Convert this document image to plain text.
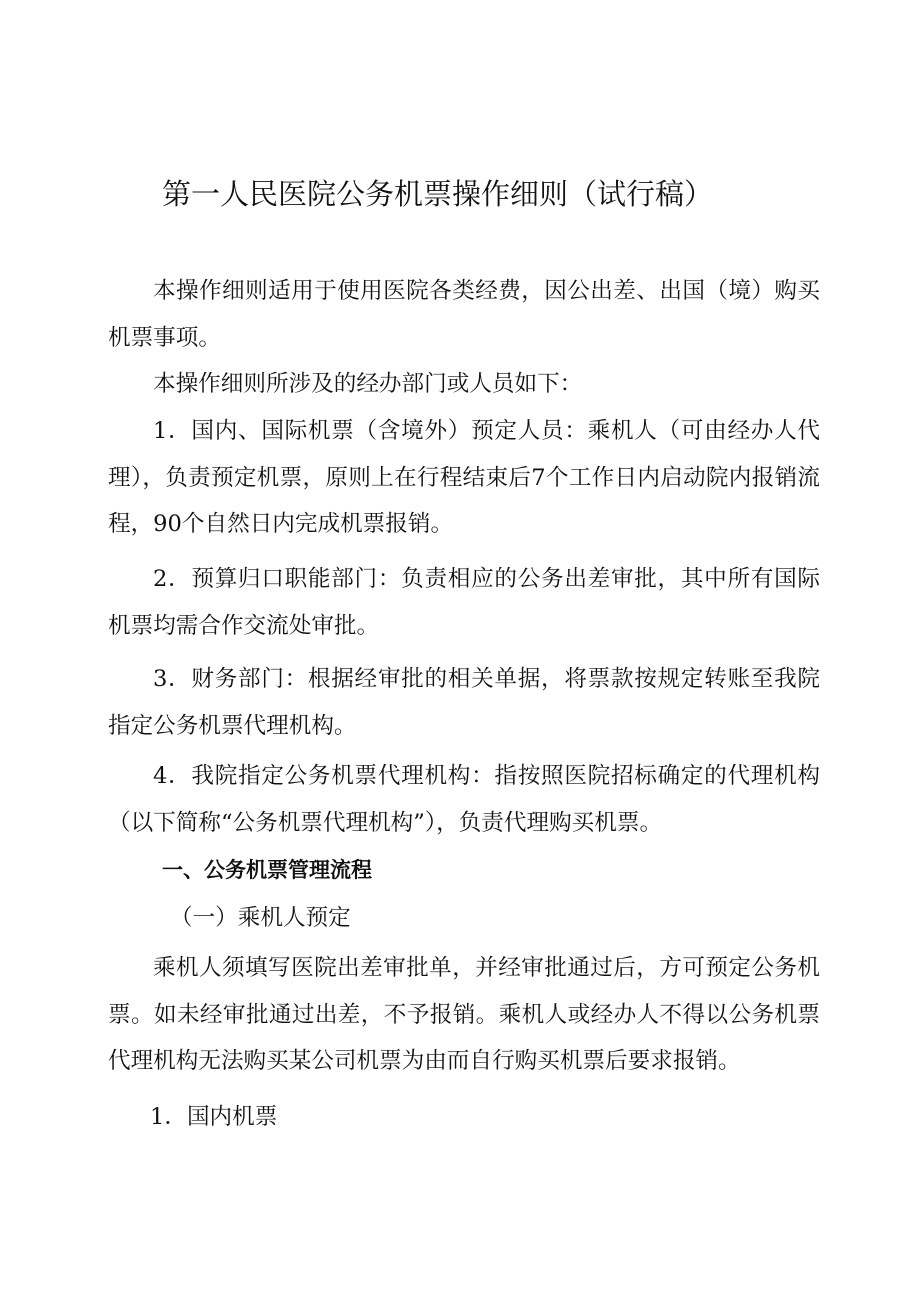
第一人民医院公务机票操作细则（试行稿）

本操作细则适用于使用医院各类经费，因公出差、出国（境）购买机票事项。

本操作细则所涉及的经办部门或人员如下：

1．国内、国际机票（含境外）预定人员：乘机人（可由经办人代理），负责预定机票，原则上在行程结束后7个工作日内启动院内报销流程，90个自然日内完成机票报销。

2．预算归口职能部门：负责相应的公务出差审批，其中所有国际机票均需合作交流处审批。

3．财务部门：根据经审批的相关单据，将票款按规定转账至我院指定公务机票代理机构。

4．我院指定公务机票代理机构：指按照医院招标确定的代理机构（以下简称“公务机票代理机构”），负责代理购买机票。

一、公务机票管理流程
（一）乘机人预定

乘机人须填写医院出差审批单，并经审批通过后，方可预定公务机票。如未经审批通过出差，不予报销。乘机人或经办人不得以公务机票代理机构无法购买某公司机票为由而自行购买机票后要求报销。

1．国内机票
